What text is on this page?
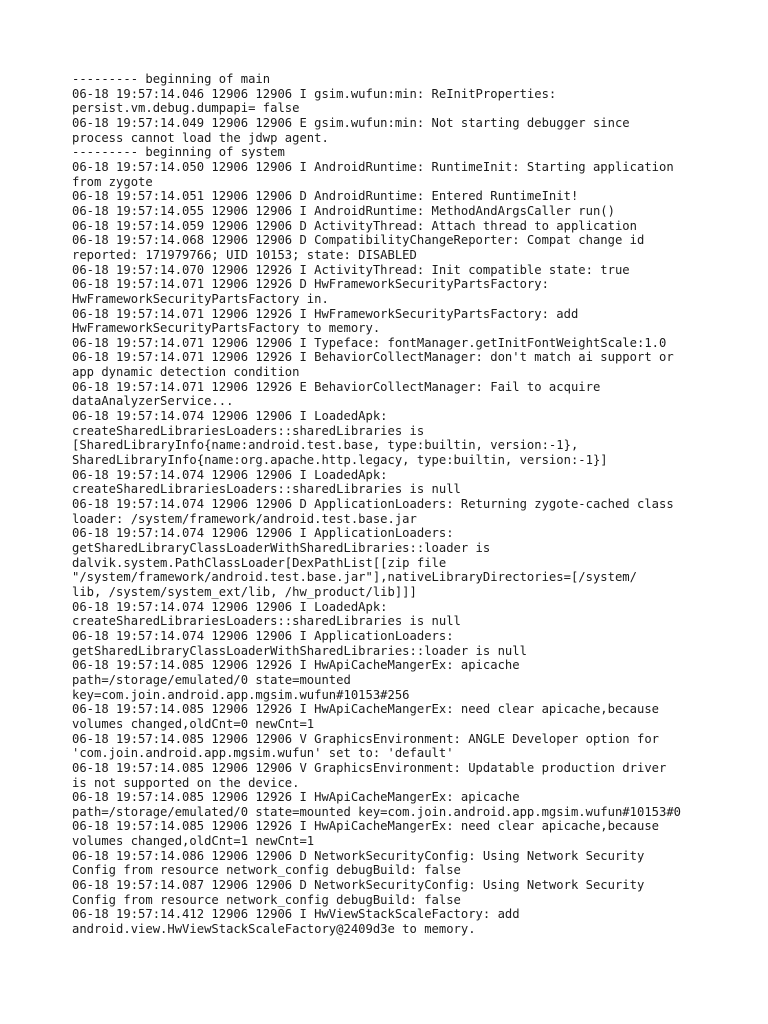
--------- beginning of main
06-18 19:57:14.046 12906 12906 I gsim.wufun:min: ReInitProperties:
persist.vm.debug.dumpapi= false
06-18 19:57:14.049 12906 12906 E gsim.wufun:min: Not starting debugger since
process cannot load the jdwp agent.
--------- beginning of system
06-18 19:57:14.050 12906 12906 I AndroidRuntime: RuntimeInit: Starting application
from zygote
06-18 19:57:14.051 12906 12906 D AndroidRuntime: Entered RuntimeInit!
06-18 19:57:14.055 12906 12906 I AndroidRuntime: MethodAndArgsCaller run()
06-18 19:57:14.059 12906 12906 D ActivityThread: Attach thread to application
06-18 19:57:14.068 12906 12906 D CompatibilityChangeReporter: Compat change id
reported: 171979766; UID 10153; state: DISABLED
06-18 19:57:14.070 12906 12926 I ActivityThread: Init compatible state: true
06-18 19:57:14.071 12906 12926 D HwFrameworkSecurityPartsFactory:
HwFrameworkSecurityPartsFactory in.
06-18 19:57:14.071 12906 12926 I HwFrameworkSecurityPartsFactory: add
HwFrameworkSecurityPartsFactory to memory.
06-18 19:57:14.071 12906 12906 I Typeface: fontManager.getInitFontWeightScale:1.0
06-18 19:57:14.071 12906 12926 I BehaviorCollectManager: don't match ai support or
app dynamic detection condition
06-18 19:57:14.071 12906 12926 E BehaviorCollectManager: Fail to acquire
dataAnalyzerService...
06-18 19:57:14.074 12906 12906 I LoadedApk:
createSharedLibrariesLoaders::sharedLibraries is
[SharedLibraryInfo{name:android.test.base, type:builtin, version:-1},
SharedLibraryInfo{name:org.apache.http.legacy, type:builtin, version:-1}]
06-18 19:57:14.074 12906 12906 I LoadedApk:
createSharedLibrariesLoaders::sharedLibraries is null
06-18 19:57:14.074 12906 12906 D ApplicationLoaders: Returning zygote-cached class
loader: /system/framework/android.test.base.jar
06-18 19:57:14.074 12906 12906 I ApplicationLoaders:
getSharedLibraryClassLoaderWithSharedLibraries::loader is
dalvik.system.PathClassLoader[DexPathList[[zip file
"/system/framework/android.test.base.jar"],nativeLibraryDirectories=[/system/
lib, /system/system_ext/lib, /hw_product/lib]]]
06-18 19:57:14.074 12906 12906 I LoadedApk:
createSharedLibrariesLoaders::sharedLibraries is null
06-18 19:57:14.074 12906 12906 I ApplicationLoaders:
getSharedLibraryClassLoaderWithSharedLibraries::loader is null
06-18 19:57:14.085 12906 12926 I HwApiCacheMangerEx: apicache
path=/storage/emulated/0 state=mounted
key=com.join.android.app.mgsim.wufun#10153#256
06-18 19:57:14.085 12906 12926 I HwApiCacheMangerEx: need clear apicache,because
volumes changed,oldCnt=0 newCnt=1
06-18 19:57:14.085 12906 12906 V GraphicsEnvironment: ANGLE Developer option for
'com.join.android.app.mgsim.wufun' set to: 'default'
06-18 19:57:14.085 12906 12906 V GraphicsEnvironment: Updatable production driver
is not supported on the device.
06-18 19:57:14.085 12906 12926 I HwApiCacheMangerEx: apicache
path=/storage/emulated/0 state=mounted key=com.join.android.app.mgsim.wufun#10153#0
06-18 19:57:14.085 12906 12926 I HwApiCacheMangerEx: need clear apicache,because
volumes changed,oldCnt=1 newCnt=1
06-18 19:57:14.086 12906 12906 D NetworkSecurityConfig: Using Network Security
Config from resource network_config debugBuild: false
06-18 19:57:14.087 12906 12906 D NetworkSecurityConfig: Using Network Security
Config from resource network_config debugBuild: false
06-18 19:57:14.412 12906 12906 I HwViewStackScaleFactory: add
android.view.HwViewStackScaleFactory@2409d3e to memory.
